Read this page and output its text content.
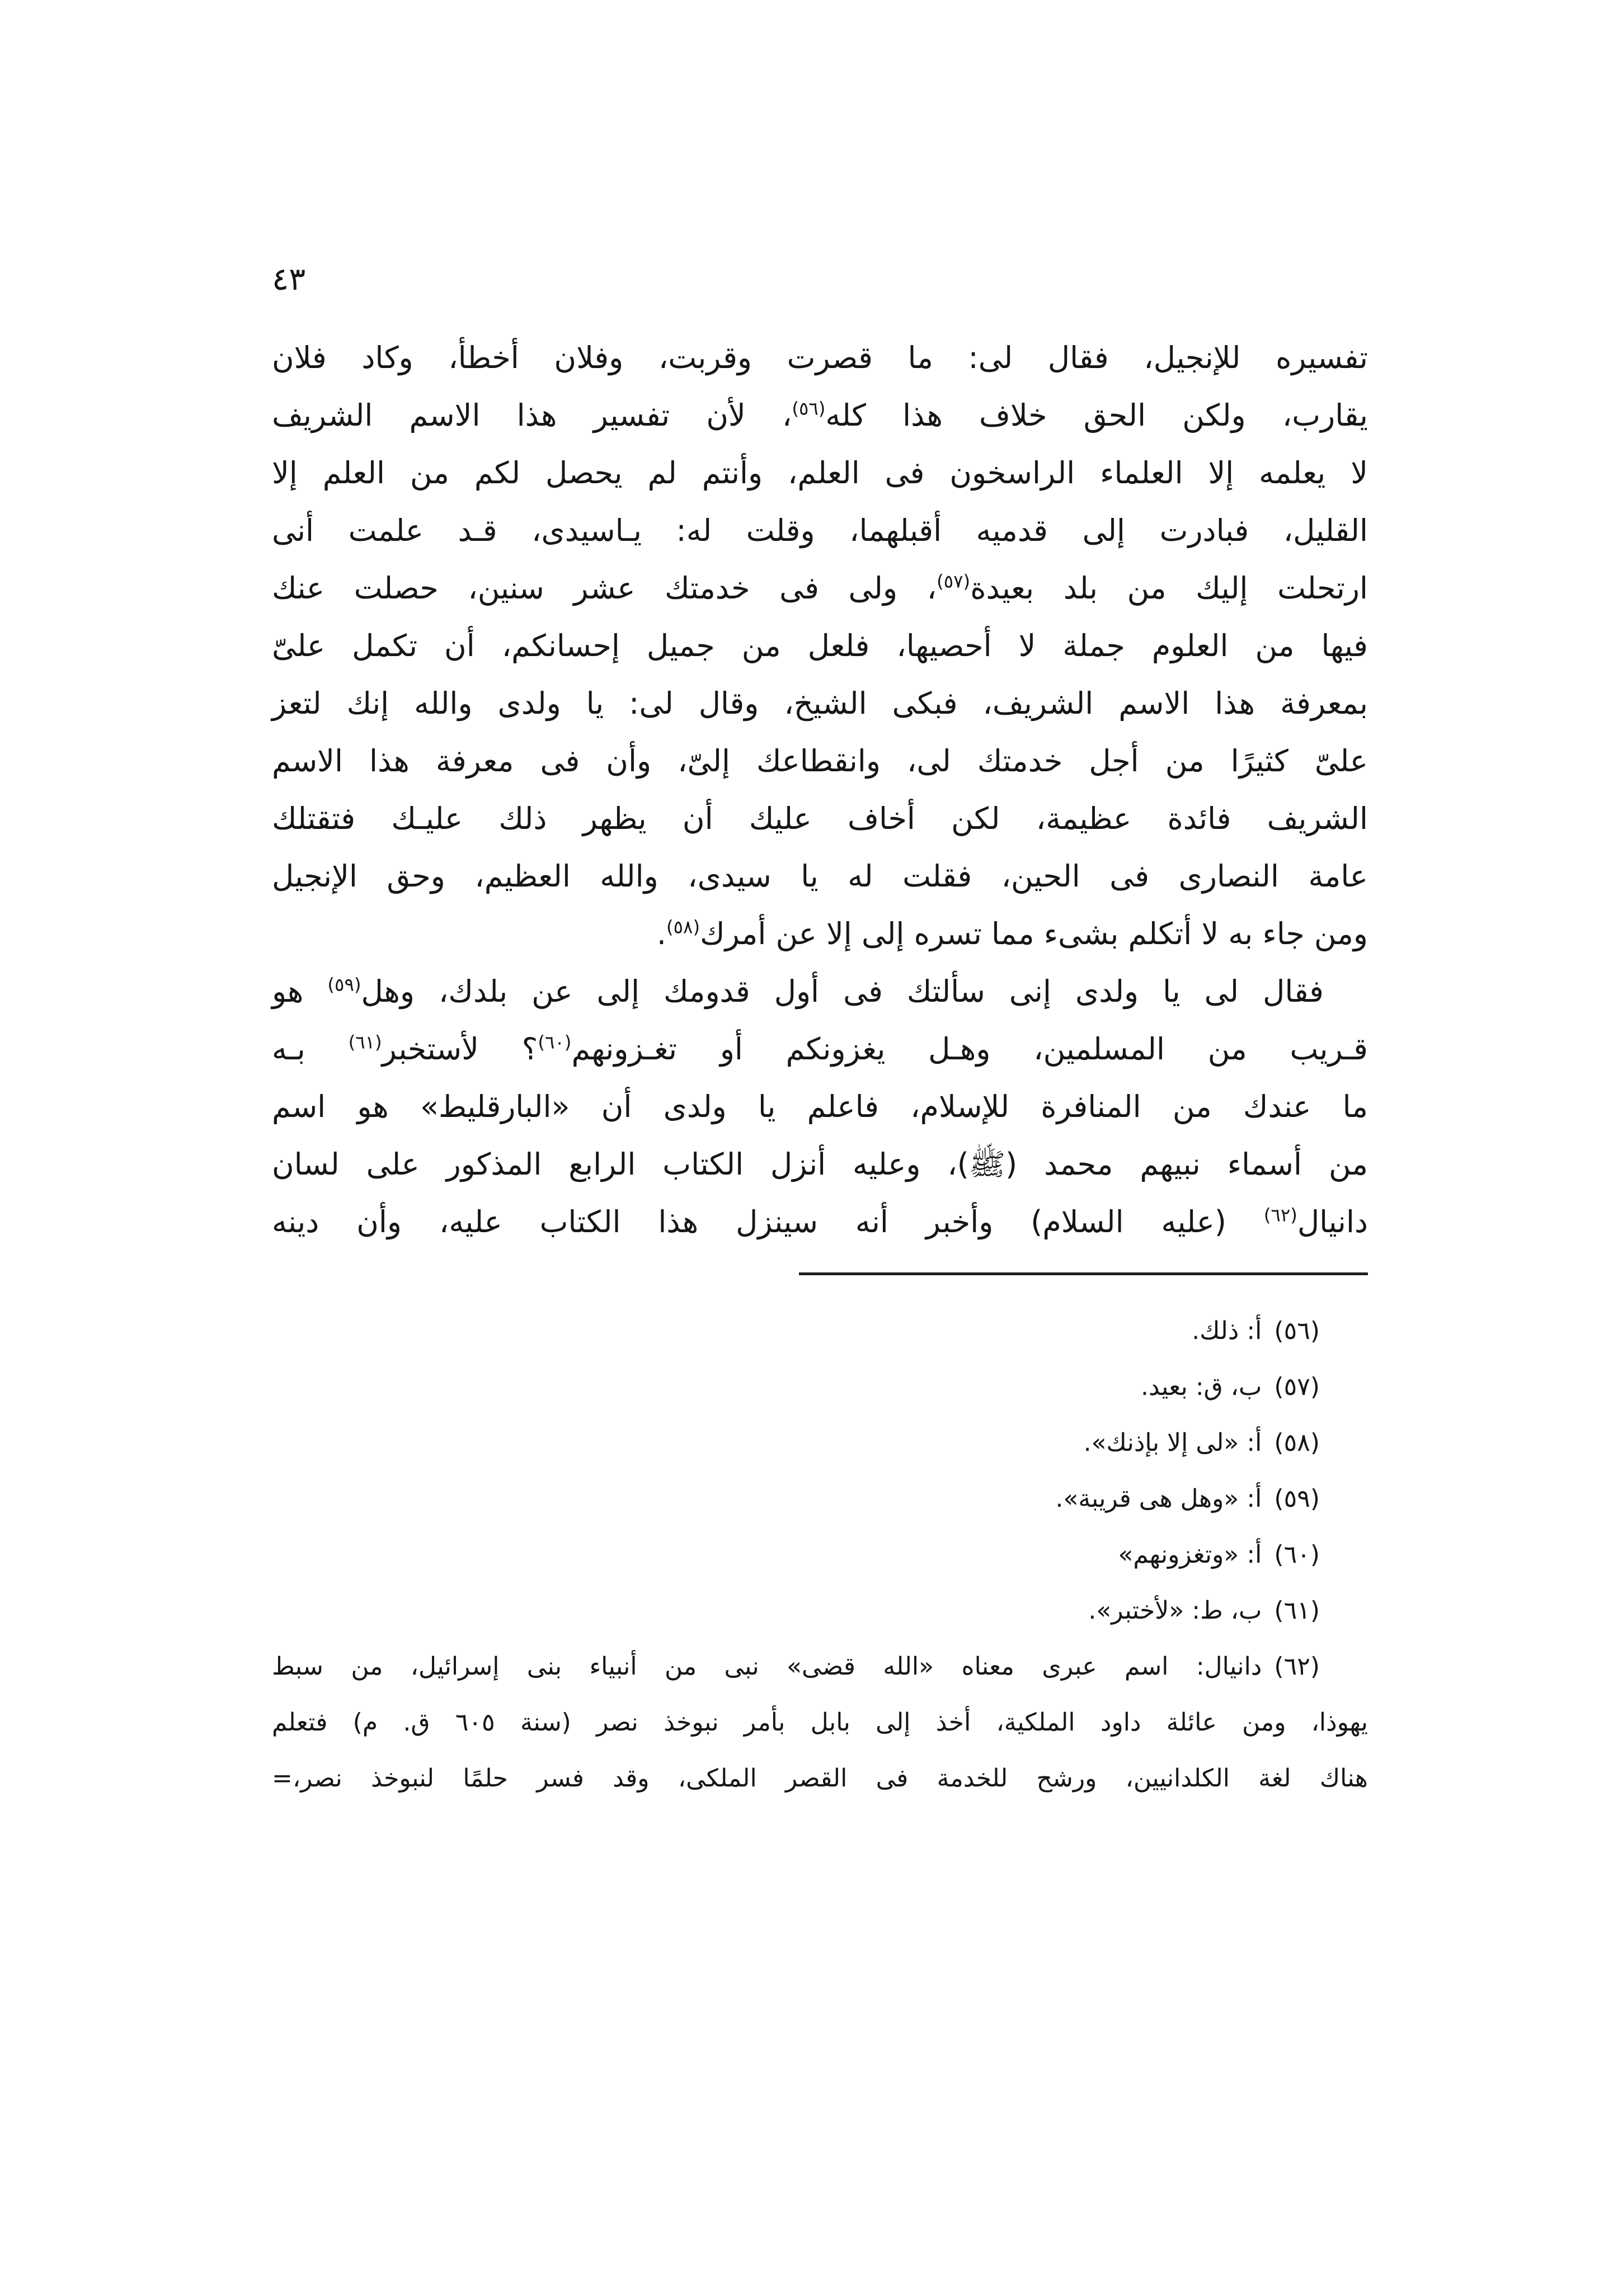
٤٣
تفسيره للإنجيل، فقال لى: ما قصرت وقربت، وفلان أخطأ، وكاد فلان
يقارب، ولكن الحق خلاف هذا كله$^{(٥٦)}$، لأن تفسير هذا الاسم الشريف
لا يعلمه إلا العلماء الراسخون فى العلم، وأنتم لم يحصل لكم من العلم إلا
القليل، فبادرت إلى قدميه أقبلهما، وقلت له: يـاسيدى، قـد علمت أنى
ارتحلت إليك من بلد بعيدة$^{(٥٧)}$، ولى فى خدمتك عشر سنين، حصلت عنك
فيها من العلوم جملة لا أحصيها، فلعل من جميل إحسانكم، أن تكمل علىّ
بمعرفة هذا الاسم الشريف، فبكى الشيخ، وقال لى: يا ولدى والله إنك لتعز
علىّ كثيرًا من أجل خدمتك لى، وانقطاعك إلىّ، وأن فى معرفة هذا الاسم
الشريف فائدة عظيمة، لكن أخاف عليك أن يظهر ذلك عليـك فتقتلك
عامة النصارى فى الحين، فقلت له يا سيدى، والله العظيم، وحق الإنجيل
ومن جاء به لا أتكلم بشىء مما تسره إلى إلا عن أمرك$^{(٥٨)}$.
فقال لى يا ولدى إنى سألتك فى أول قدومك إلى عن بلدك، وهل$^{(٥٩)}$ هو
قـريب من المسلمين، وهـل يغزونكم أو تغـزونهم$^{(٦٠)}$؟ لأستخبر$^{(٦١)}$ بـه
ما عندك من المنافرة للإسلام، فاعلم يا ولدى أن «البارقليط» هو اسم
من أسماء نبيهم محمد (ﷺ)، وعليه أنزل الكتاب الرابع المذكور على لسان
دانيال$^{(٦٢)}$ (عليه السلام) وأخبر أنه سينزل هذا الكتاب عليه، وأن دينه
(٥٦)أ: ذلك.
(٥٧)ب، ق: بعيد.
(٥٨)أ: «لى إلا بإذنك».
(٥٩)أ: «وهل هى قريبة».
(٦٠)أ: «وتغزونهم»
(٦١)ب، ط: «لأختبر».
(٦٢)دانيال: اسم عبرى معناه «الله قضى» نبى من أنبياء بنى إسرائيل، من سبط
يهوذا، ومن عائلة داود الملكية، أخذ إلى بابل بأمر نبوخذ نصر (سنة ٦٠٥ ق. م) فتعلم
هناك لغة الكلدانيين، ورشح للخدمة فى القصر الملكى، وقد فسر حلمًا لنبوخذ نصر،=
